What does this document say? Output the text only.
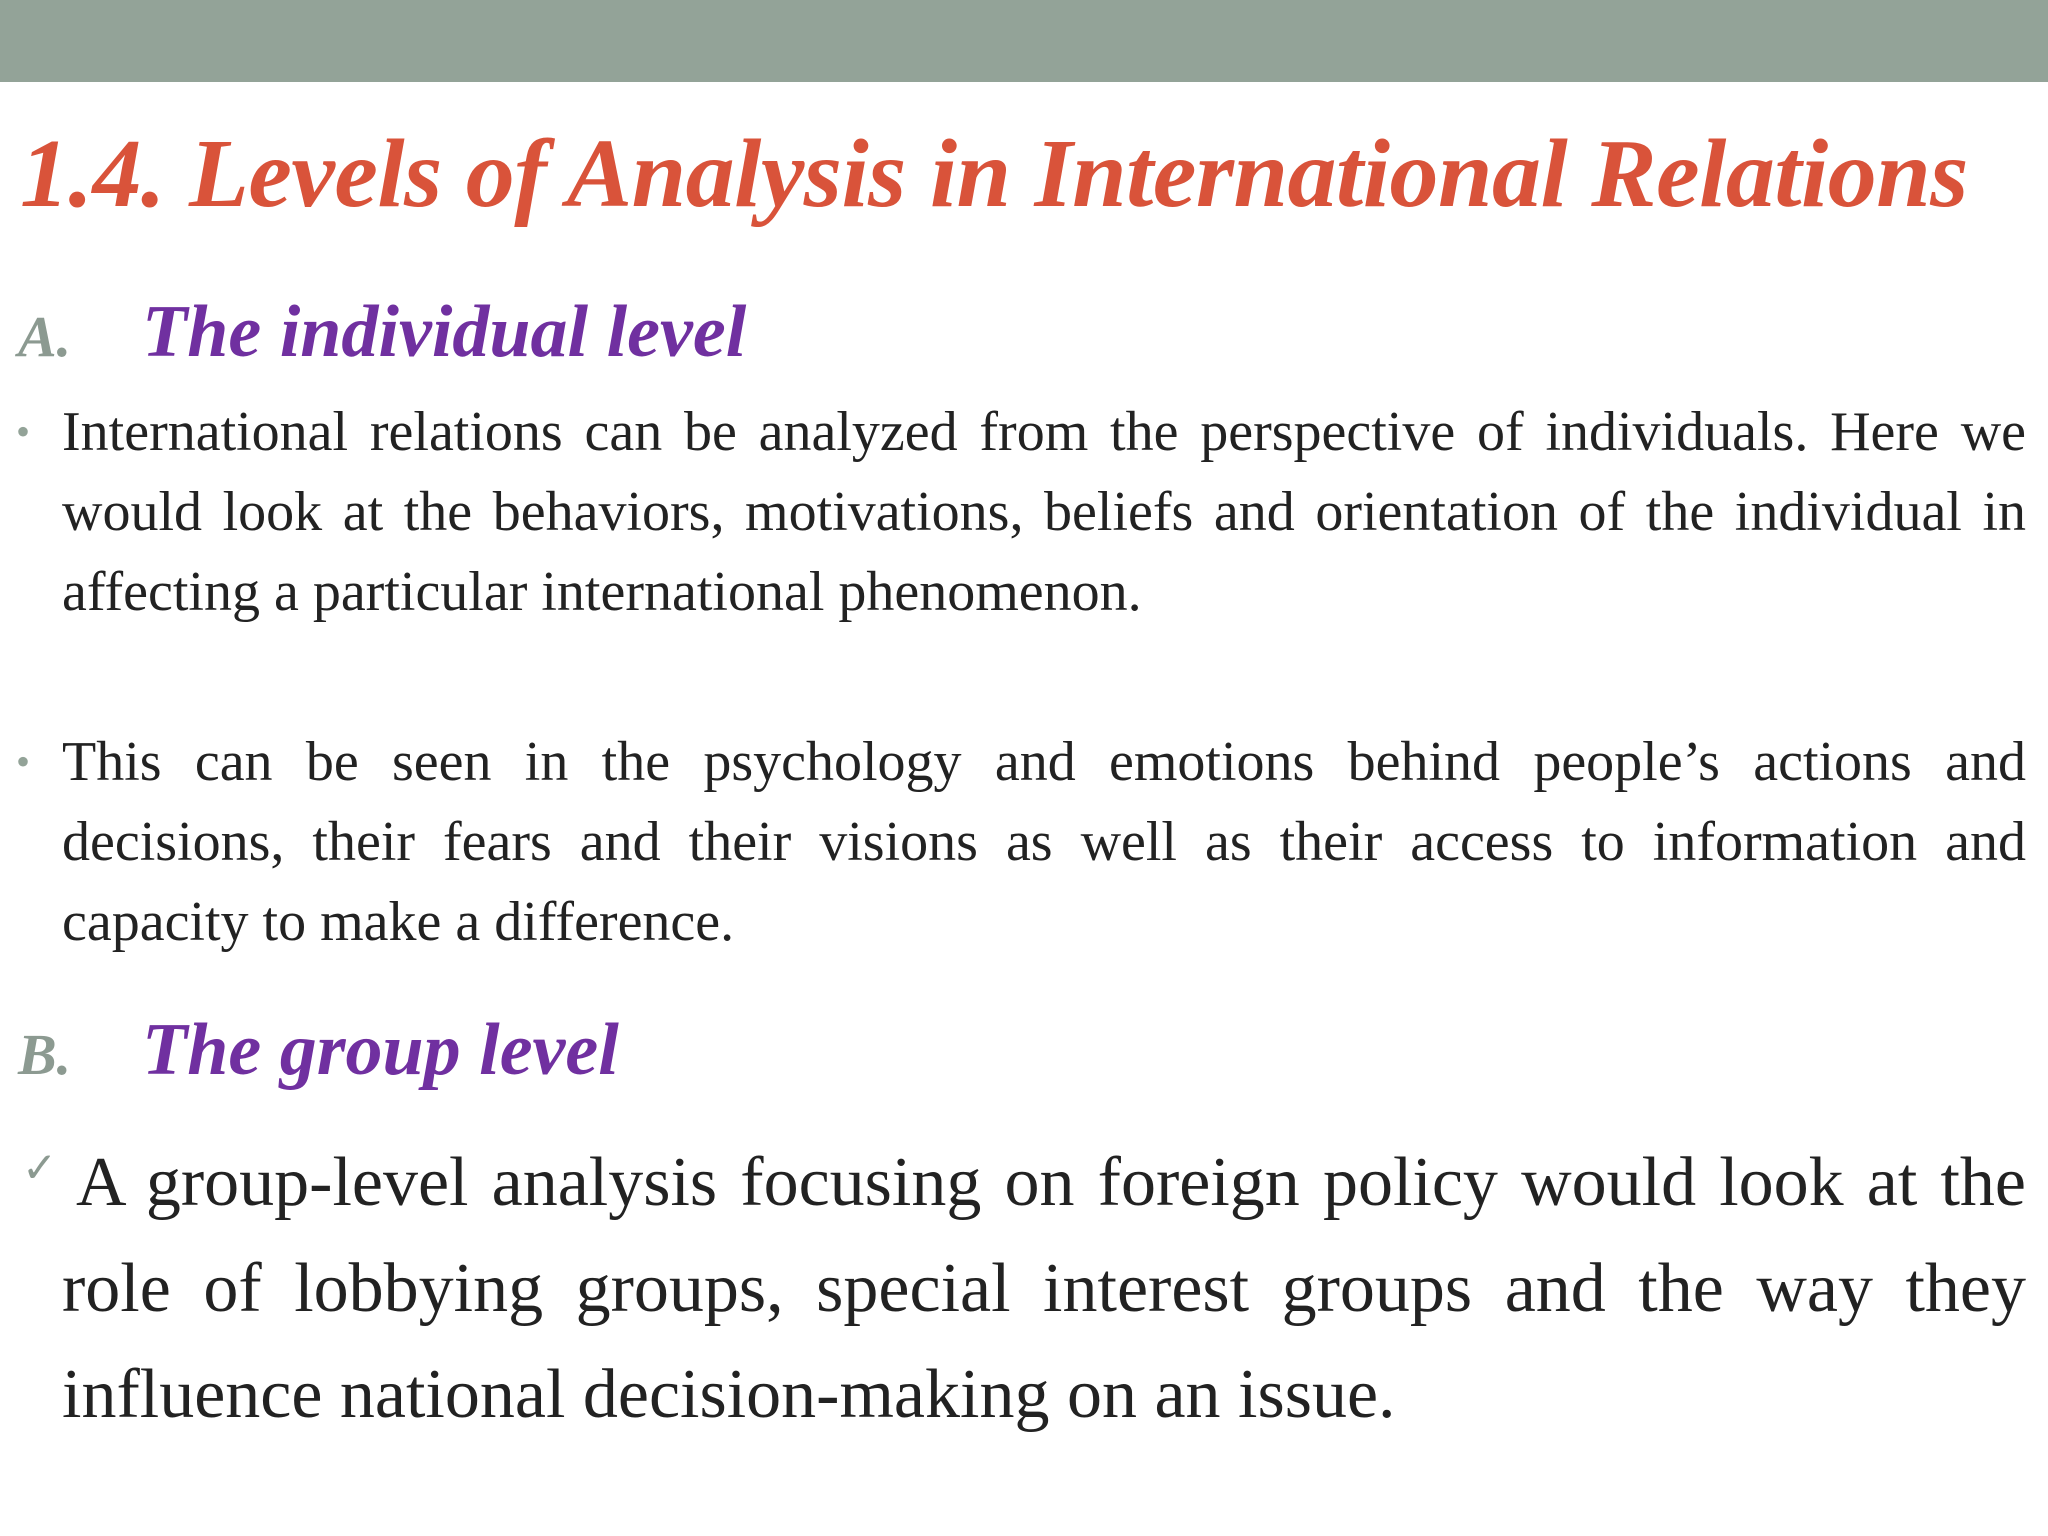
1.4. Levels of Analysis in International Relations
A. The individual level

• International relations can be analyzed from the perspective of individuals. Here we would look at the behaviors, motivations, beliefs and orientation of the individual in affecting a particular international phenomenon.

• This can be seen in the psychology and emotions behind people’s actions and decisions, their fears and their visions as well as their access to information and capacity to make a difference.

B. The group level

✓ A group-level analysis focusing on foreign policy would look at the role of lobbying groups, special interest groups and the way they influence national decision-making on an issue.
